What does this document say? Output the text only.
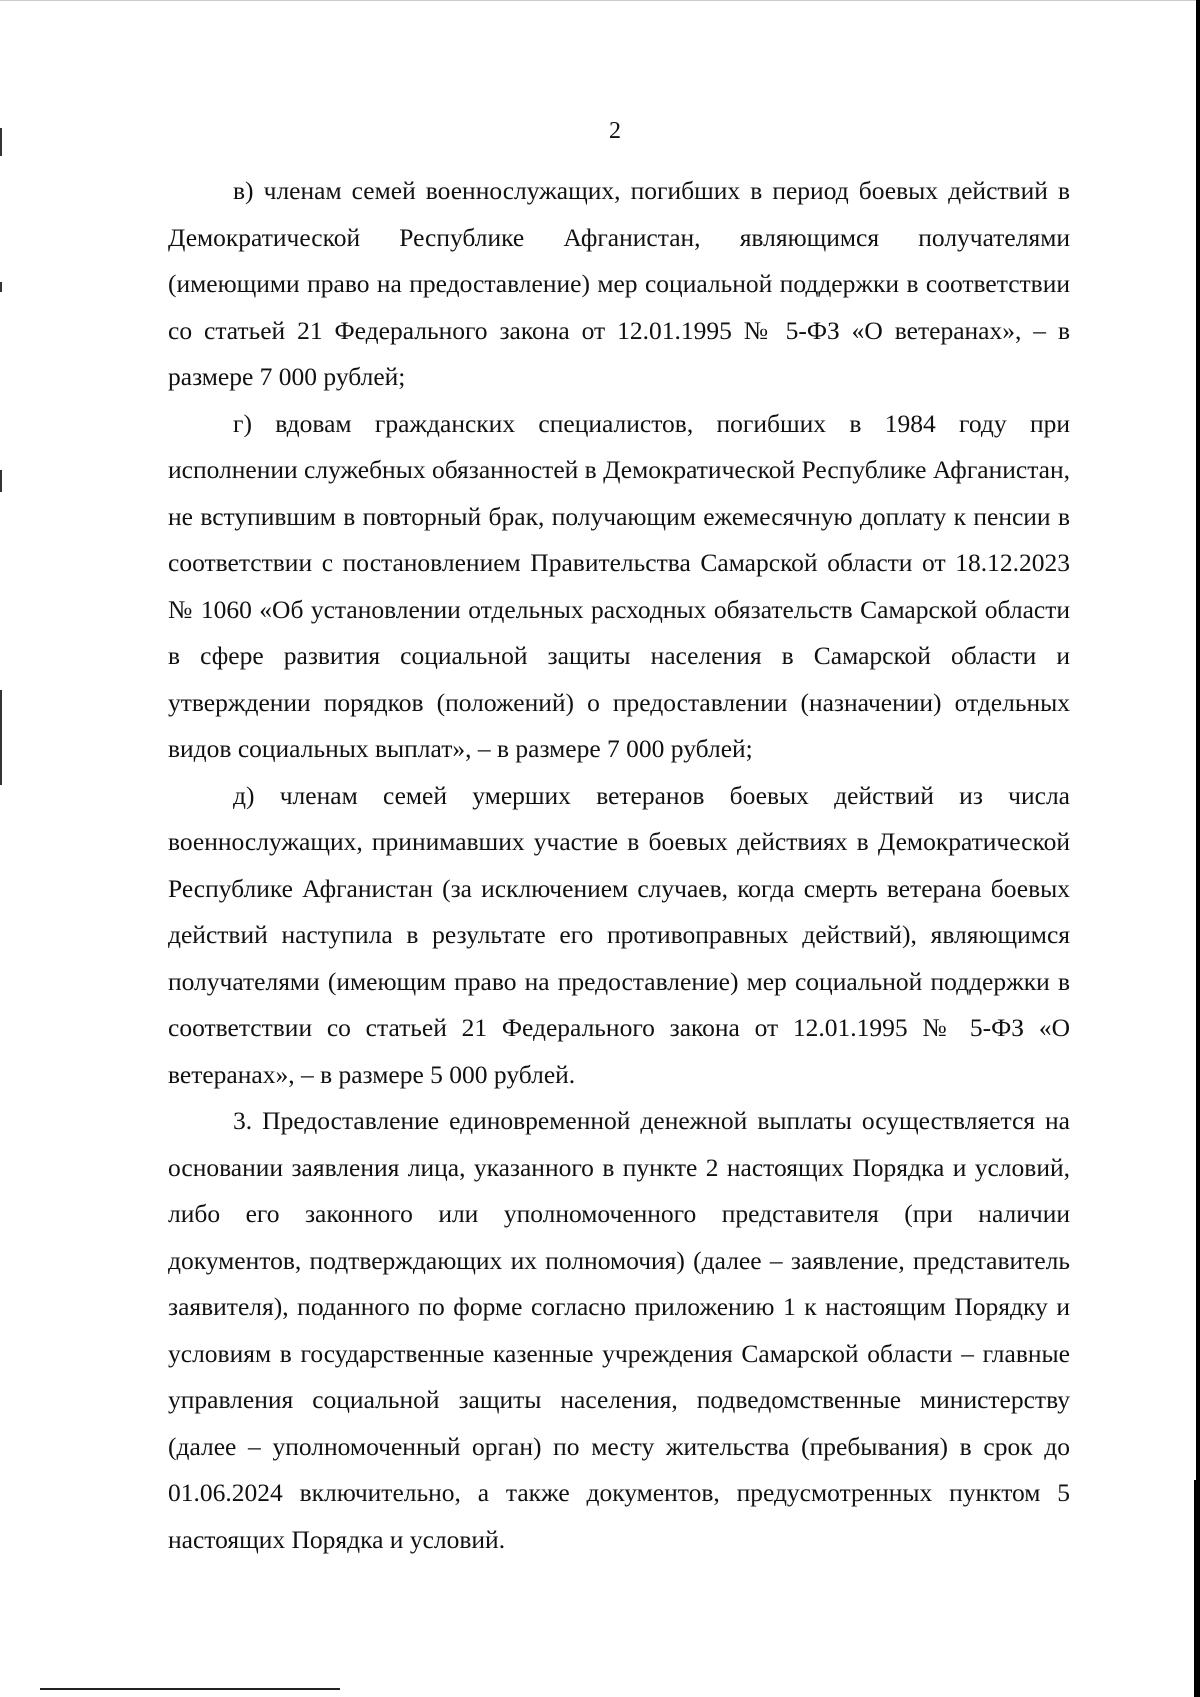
2

в) членам семей военнослужащих, погибших в период боевых действий в Демократической Республике Афганистан, являющимся получателями (имеющими право на предоставление) мер социальной поддержки в соответствии со статьей 21 Федерального закона от 12.01.1995 № 5-ФЗ «О ветеранах», – в размере 7 000 рублей;

г) вдовам гражданских специалистов, погибших в 1984 году при исполнении служебных обязанностей в Демократической Республике Афганистан, не вступившим в повторный брак, получающим ежемесячную доплату к пенсии в соответствии с постановлением Правительства Самарской области от 18.12.2023 № 1060 «Об установлении отдельных расходных обязательств Самарской области в сфере развития социальной защиты населения в Самарской области и утверждении порядков (положений) о предоставлении (назначении) отдельных видов социальных выплат», – в размере 7 000 рублей;

д) членам семей умерших ветеранов боевых действий из числа военнослужащих, принимавших участие в боевых действиях в Демократической Республике Афганистан (за исключением случаев, когда смерть ветерана боевых действий наступила в результате его противоправных действий), являющимся получателями (имеющим право на предоставление) мер социальной поддержки в соответствии со статьей 21 Федерального закона от 12.01.1995 № 5-ФЗ «О ветеранах», – в размере 5 000 рублей.

3. Предоставление единовременной денежной выплаты осуществляется на основании заявления лица, указанного в пункте 2 настоящих Порядка и условий, либо его законного или уполномоченного представителя (при наличии документов, подтверждающих их полномочия) (далее – заявление, представитель заявителя), поданного по форме согласно приложению 1 к настоящим Порядку и условиям в государственные казенные учреждения Самарской области – главные управления социальной защиты населения, подведомственные министерству (далее – уполномоченный орган) по месту жительства (пребывания) в срок до 01.06.2024 включительно, а также документов, предусмотренных пунктом 5 настоящих Порядка и условий.
